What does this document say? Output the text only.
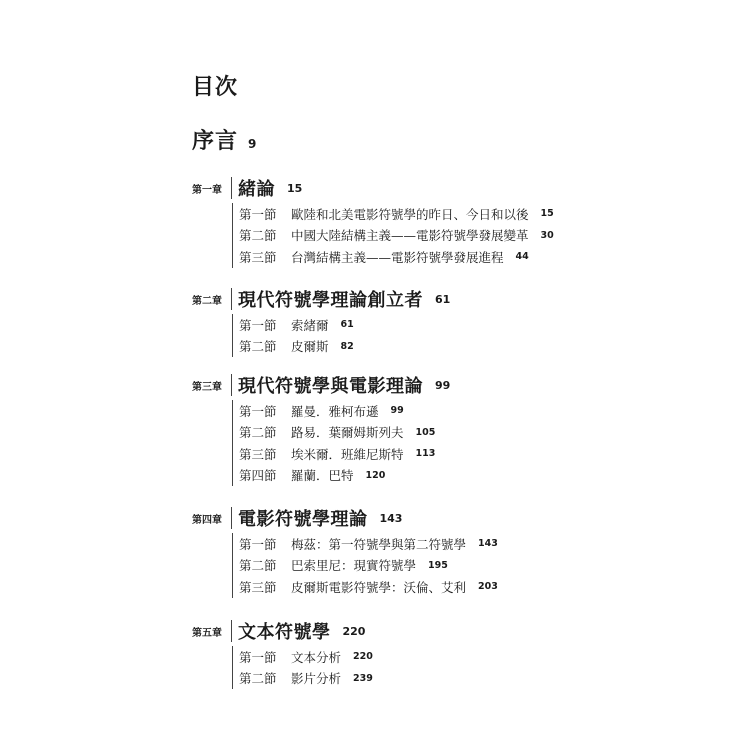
目次
序言 9
第一章 緒論 15
第一節	歐陸和北美電影符號學的昨日、今日和以後 15
第二節	中國大陸結構主義——電影符號學發展變革 30
第三節	台灣結構主義——電影符號學發展進程 44
第二章 現代符號學理論創立者 61
第一節	索緒爾 61
第二節	皮爾斯 82
第三章 現代符號學與電影理論 99
第一節	羅曼．雅柯布遜 99
第二節	路易．葉爾姆斯列夫 105
第三節	埃米爾．班維尼斯特 113
第四節	羅蘭．巴特 120
第四章 電影符號學理論 143
第一節	梅茲：第一符號學與第二符號學 143
第二節	巴索里尼：現實符號學 195
第三節	皮爾斯電影符號學：沃倫、艾利 203
第五章 文本符號學 220
第一節	文本分析 220
第二節	影片分析 239
